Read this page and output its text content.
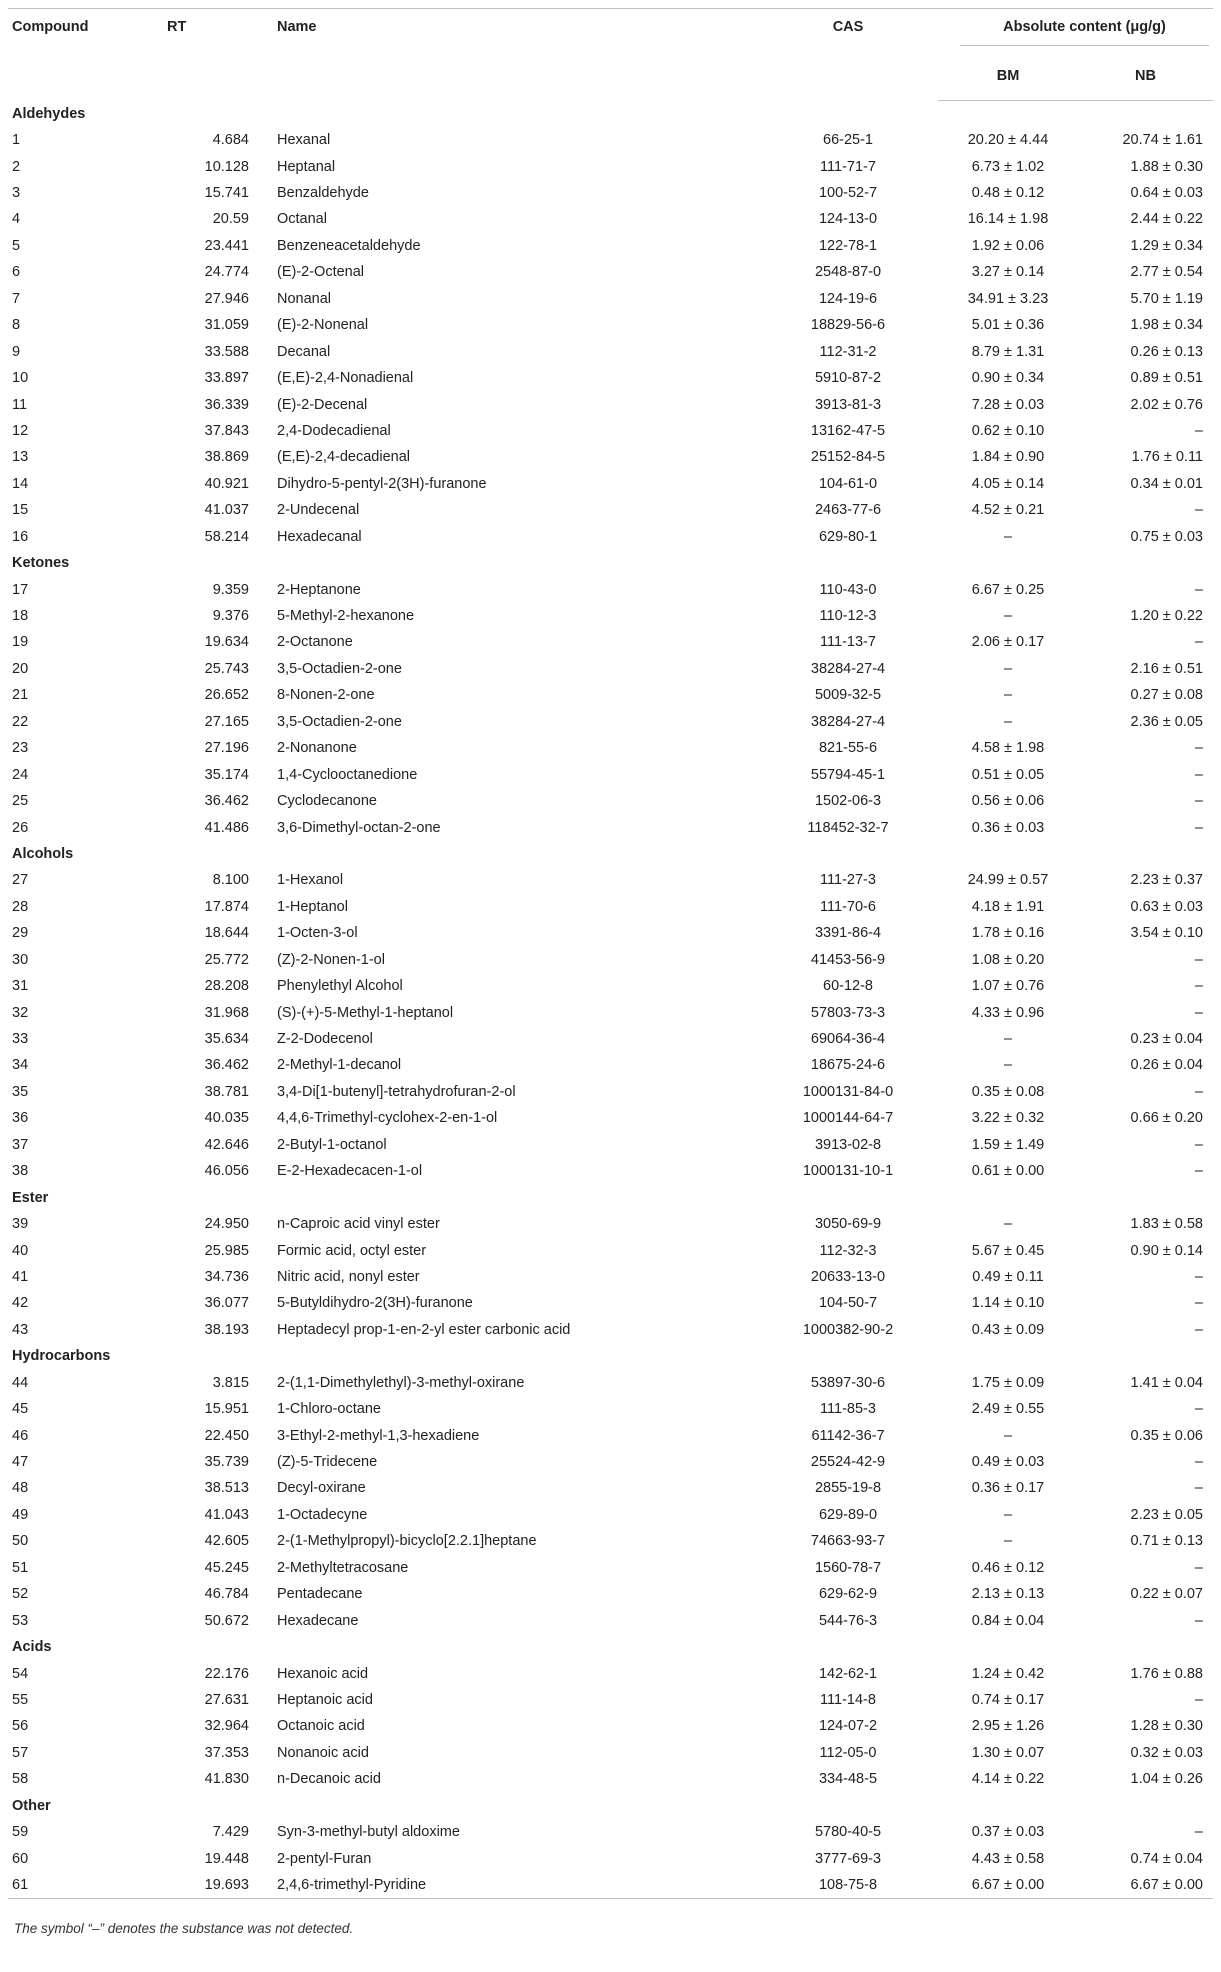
Compound	RT	Name	CAS	Absolute content (μg/g)	

				BM	NB
Aldehydes					
1	4.684	Hexanal	66-25-1	20.20 ± 4.44	20.74 ± 1.61
2	10.128	Heptanal	111-71-7	6.73 ± 1.02	1.88 ± 0.30
3	15.741	Benzaldehyde	100-52-7	0.48 ± 0.12	0.64 ± 0.03
4	20.59	Octanal	124-13-0	16.14 ± 1.98	2.44 ± 0.22
5	23.441	Benzeneacetaldehyde	122-78-1	1.92 ± 0.06	1.29 ± 0.34
6	24.774	(E)-2-Octenal	2548-87-0	3.27 ± 0.14	2.77 ± 0.54
7	27.946	Nonanal	124-19-6	34.91 ± 3.23	5.70 ± 1.19
8	31.059	(E)-2-Nonenal	18829-56-6	5.01 ± 0.36	1.98 ± 0.34
9	33.588	Decanal	112-31-2	8.79 ± 1.31	0.26 ± 0.13
10	33.897	(E,E)-2,4-Nonadienal	5910-87-2	0.90 ± 0.34	0.89 ± 0.51
11	36.339	(E)-2-Decenal	3913-81-3	7.28 ± 0.03	2.02 ± 0.76
12	37.843	2,4-Dodecadienal	13162-47-5	0.62 ± 0.10	–
13	38.869	(E,E)-2,4-decadienal	25152-84-5	1.84 ± 0.90	1.76 ± 0.11
14	40.921	Dihydro-5-pentyl-2(3H)-furanone	104-61-0	4.05 ± 0.14	0.34 ± 0.01
15	41.037	2-Undecenal	2463-77-6	4.52 ± 0.21	–
16	58.214	Hexadecanal	629-80-1	–	0.75 ± 0.03
Ketones					
17	9.359	2-Heptanone	110-43-0	6.67 ± 0.25	–
18	9.376	5-Methyl-2-hexanone	110-12-3	–	1.20 ± 0.22
19	19.634	2-Octanone	111-13-7	2.06 ± 0.17	–
20	25.743	3,5-Octadien-2-one	38284-27-4	–	2.16 ± 0.51
21	26.652	8-Nonen-2-one	5009-32-5	–	0.27 ± 0.08
22	27.165	3,5-Octadien-2-one	38284-27-4	–	2.36 ± 0.05
23	27.196	2-Nonanone	821-55-6	4.58 ± 1.98	–
24	35.174	1,4-Cyclooctanedione	55794-45-1	0.51 ± 0.05	–
25	36.462	Cyclodecanone	1502-06-3	0.56 ± 0.06	–
26	41.486	3,6-Dimethyl-octan-2-one	118452-32-7	0.36 ± 0.03	–
Alcohols					
27	8.100	1-Hexanol	111-27-3	24.99 ± 0.57	2.23 ± 0.37
28	17.874	1-Heptanol	111-70-6	4.18 ± 1.91	0.63 ± 0.03
29	18.644	1-Octen-3-ol	3391-86-4	1.78 ± 0.16	3.54 ± 0.10
30	25.772	(Z)-2-Nonen-1-ol	41453-56-9	1.08 ± 0.20	–
31	28.208	Phenylethyl Alcohol	60-12-8	1.07 ± 0.76	–
32	31.968	(S)-(+)-5-Methyl-1-heptanol	57803-73-3	4.33 ± 0.96	–
33	35.634	Z-2-Dodecenol	69064-36-4	–	0.23 ± 0.04
34	36.462	2-Methyl-1-decanol	18675-24-6	–	0.26 ± 0.04
35	38.781	3,4-Di[1-butenyl]-tetrahydrofuran-2-ol	1000131-84-0	0.35 ± 0.08	–
36	40.035	4,4,6-Trimethyl-cyclohex-2-en-1-ol	1000144-64-7	3.22 ± 0.32	0.66 ± 0.20
37	42.646	2-Butyl-1-octanol	3913-02-8	1.59 ± 1.49	–
38	46.056	E-2-Hexadecacen-1-ol	1000131-10-1	0.61 ± 0.00	–
Ester					
39	24.950	n-Caproic acid vinyl ester	3050-69-9	–	1.83 ± 0.58
40	25.985	Formic acid, octyl ester	112-32-3	5.67 ± 0.45	0.90 ± 0.14
41	34.736	Nitric acid, nonyl ester	20633-13-0	0.49 ± 0.11	–
42	36.077	5-Butyldihydro-2(3H)-furanone	104-50-7	1.14 ± 0.10	–
43	38.193	Heptadecyl prop-1-en-2-yl ester carbonic acid	1000382-90-2	0.43 ± 0.09	–
Hydrocarbons					
44	3.815	2-(1,1-Dimethylethyl)-3-methyl-oxirane	53897-30-6	1.75 ± 0.09	1.41 ± 0.04
45	15.951	1-Chloro-octane	111-85-3	2.49 ± 0.55	–
46	22.450	3-Ethyl-2-methyl-1,3-hexadiene	61142-36-7	–	0.35 ± 0.06
47	35.739	(Z)-5-Tridecene	25524-42-9	0.49 ± 0.03	–
48	38.513	Decyl-oxirane	2855-19-8	0.36 ± 0.17	–
49	41.043	1-Octadecyne	629-89-0	–	2.23 ± 0.05
50	42.605	2-(1-Methylpropyl)-bicyclo[2.2.1]heptane	74663-93-7	–	0.71 ± 0.13
51	45.245	2-Methyltetracosane	1560-78-7	0.46 ± 0.12	–
52	46.784	Pentadecane	629-62-9	2.13 ± 0.13	0.22 ± 0.07
53	50.672	Hexadecane	544-76-3	0.84 ± 0.04	–
Acids					
54	22.176	Hexanoic acid	142-62-1	1.24 ± 0.42	1.76 ± 0.88
55	27.631	Heptanoic acid	111-14-8	0.74 ± 0.17	–
56	32.964	Octanoic acid	124-07-2	2.95 ± 1.26	1.28 ± 0.30
57	37.353	Nonanoic acid	112-05-0	1.30 ± 0.07	0.32 ± 0.03
58	41.830	n-Decanoic acid	334-48-5	4.14 ± 0.22	1.04 ± 0.26
Other					
59	7.429	Syn-3-methyl-butyl aldoxime	5780-40-5	0.37 ± 0.03	–
60	19.448	2-pentyl-Furan	3777-69-3	4.43 ± 0.58	0.74 ± 0.04
61	19.693	2,4,6-trimethyl-Pyridine	108-75-8	6.67 ± 0.00	6.67 ± 0.00
The symbol “–” denotes the substance was not detected.
